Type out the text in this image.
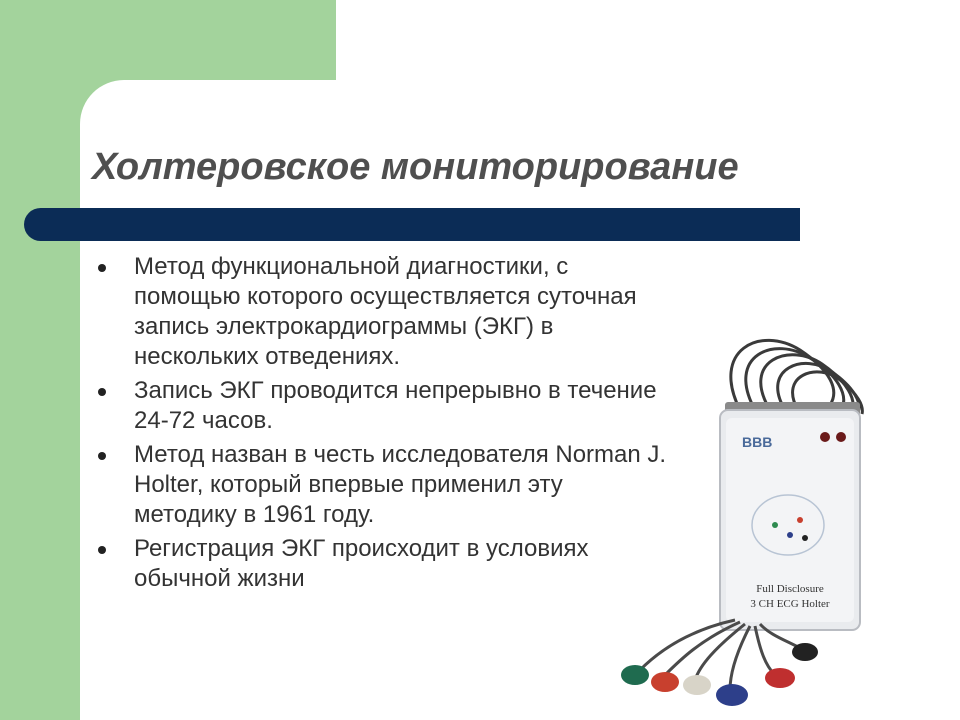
Холтеровское мониторирование
Метод функциональной диагностики, с
помощью которого осуществляется суточная
запись электрокардиограммы (ЭКГ) в
нескольких отведениях.
Запись ЭКГ проводится непрерывно в течение
24-72 часов.
Метод назван в честь исследователя Norman J.
Holter, который впервые применил эту
методику в 1961 году.
Регистрация ЭКГ происходит в условиях
обычной жизни
BBB
Full Disclosure
3 CH ECG Holter
